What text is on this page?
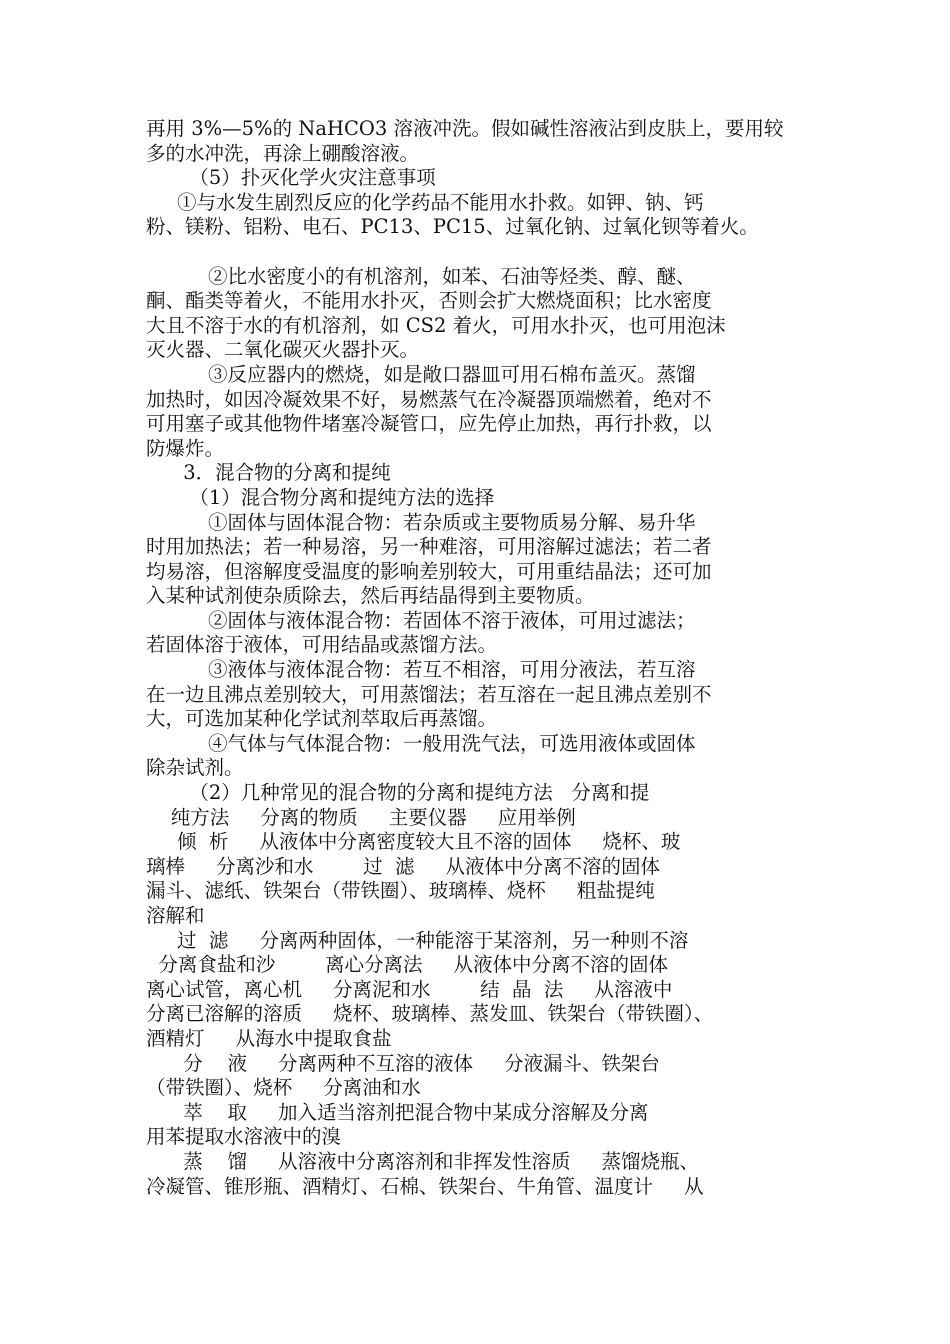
再用 3%—5%的 NaHCO3 溶液冲洗。假如碱性溶液沾到皮肤上，要用较
多的水冲洗，再涂上硼酸溶液。
（5）扑灭化学火灾注意事项
①与水发生剧烈反应的化学药品不能用水扑救。如钾、钠、钙
粉、镁粉、铝粉、电石、PC13、PC15、过氧化钠、过氧化钡等着火。
②比水密度小的有机溶剂，如苯、石油等烃类、醇、醚、
酮、酯类等着火，不能用水扑灭，否则会扩大燃烧面积；比水密度
大且不溶于水的有机溶剂，如 CS2 着火，可用水扑灭，也可用泡沫
灭火器、二氧化碳灭火器扑灭。
③反应器内的燃烧，如是敞口器皿可用石棉布盖灭。蒸馏
加热时，如因冷凝效果不好，易燃蒸气在冷凝器顶端燃着，绝对不
可用塞子或其他物件堵塞冷凝管口，应先停止加热，再行扑救，以
防爆炸。
3．混合物的分离和提纯
（1）混合物分离和提纯方法的选择
①固体与固体混合物：若杂质或主要物质易分解、易升华
时用加热法；若一种易溶，另一种难溶，可用溶解过滤法；若二者
均易溶，但溶解度受温度的影响差别较大，可用重结晶法；还可加
入某种试剂使杂质除去，然后再结晶得到主要物质。
②固体与液体混合物：若固体不溶于液体，可用过滤法；
若固体溶于液体，可用结晶或蒸馏方法。
③液体与液体混合物：若互不相溶，可用分液法，若互溶
在一边且沸点差别较大，可用蒸馏法；若互溶在一起且沸点差别不
大，可选加某种化学试剂萃取后再蒸馏。
④气体与气体混合物：一般用洗气法，可选用液体或固体
除杂试剂。
（2）几种常见的混合物的分离和提纯方法   分离和提
纯方法     分离的物质     主要仪器     应用举例
倾  析     从液体中分离密度较大且不溶的固体     烧杯、玻
璃棒     分离沙和水        过  滤     从液体中分离不溶的固体
漏斗、滤纸、铁架台（带铁圈）、玻璃棒、烧杯     粗盐提纯
溶解和
过  滤     分离两种固体，一种能溶于某溶剂，另一种则不溶
分离食盐和沙        离心分离法     从液体中分离不溶的固体
离心试管，离心机     分离泥和水        结  晶  法     从溶液中
分离已溶解的溶质     烧杯、玻璃棒、蒸发皿、铁架台（带铁圈）、
酒精灯     从海水中提取食盐
分    液     分离两种不互溶的液体     分液漏斗、铁架台
（带铁圈）、烧杯     分离油和水
萃    取     加入适当溶剂把混合物中某成分溶解及分离
用苯提取水溶液中的溴
蒸    馏     从溶液中分离溶剂和非挥发性溶质     蒸馏烧瓶、
冷凝管、锥形瓶、酒精灯、石棉、铁架台、牛角管、温度计     从
